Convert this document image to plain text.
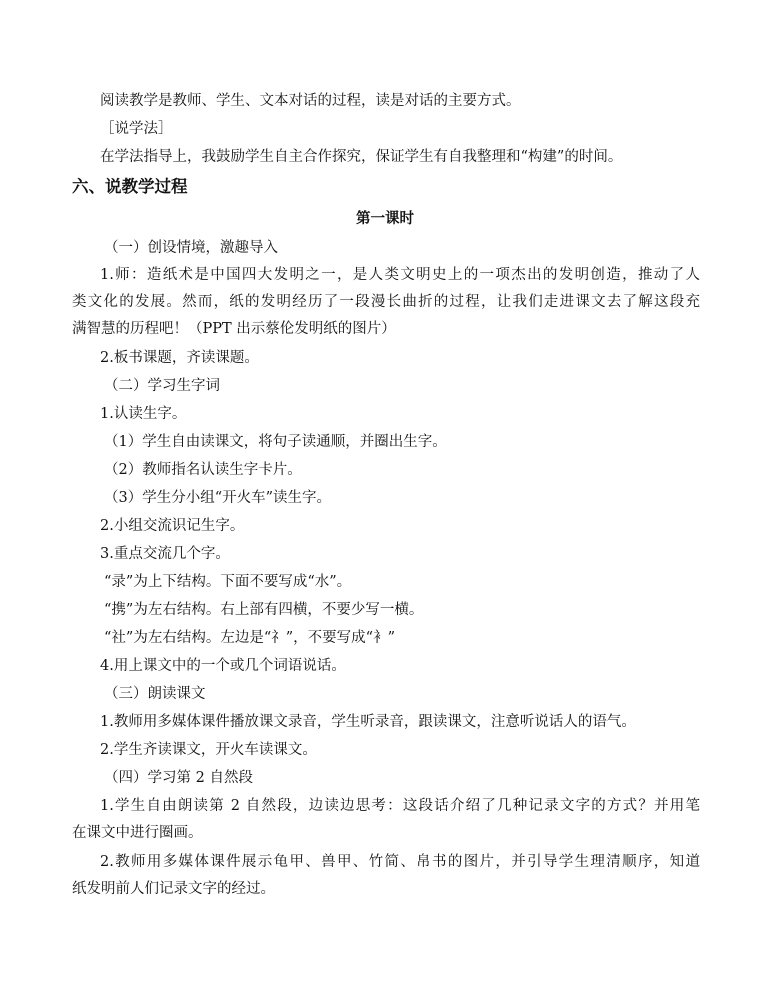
阅读教学是教师、学生、文本对话的过程，读是对话的主要方式。
［说学法］
在学法指导上，我鼓励学生自主合作探究，保证学生有自我整理和“构建”的时间。
六、说教学过程
第一课时
（一）创设情境，激趣导入
1.师：造纸术是中国四大发明之一，是人类文明史上的一项杰出的发明创造，推动了人
类文化的发展。然而，纸的发明经历了一段漫长曲折的过程，让我们走进课文去了解这段充
满智慧的历程吧！（PPT 出示蔡伦发明纸的图片）
2.板书课题，齐读课题。
（二）学习生字词
1.认读生字。
（1）学生自由读课文，将句子读通顺，并圈出生字。
（2）教师指名认读生字卡片。
（3）学生分小组“开火车”读生字。
2.小组交流识记生字。
3.重点交流几个字。
“录”为上下结构。下面不要写成“水”。
“携”为左右结构。右上部有四横，不要少写一横。
“社”为左右结构。左边是“礻”，不要写成“衤”
4.用上课文中的一个或几个词语说话。
（三）朗读课文
1.教师用多媒体课件播放课文录音，学生听录音，跟读课文，注意听说话人的语气。
2.学生齐读课文，开火车读课文。
（四）学习第 2 自然段
1.学生自由朗读第 2 自然段，边读边思考：这段话介绍了几种记录文字的方式？并用笔
在课文中进行圈画。
2.教师用多媒体课件展示龟甲、兽甲、竹简、帛书的图片，并引导学生理清顺序，知道
纸发明前人们记录文字的经过。
